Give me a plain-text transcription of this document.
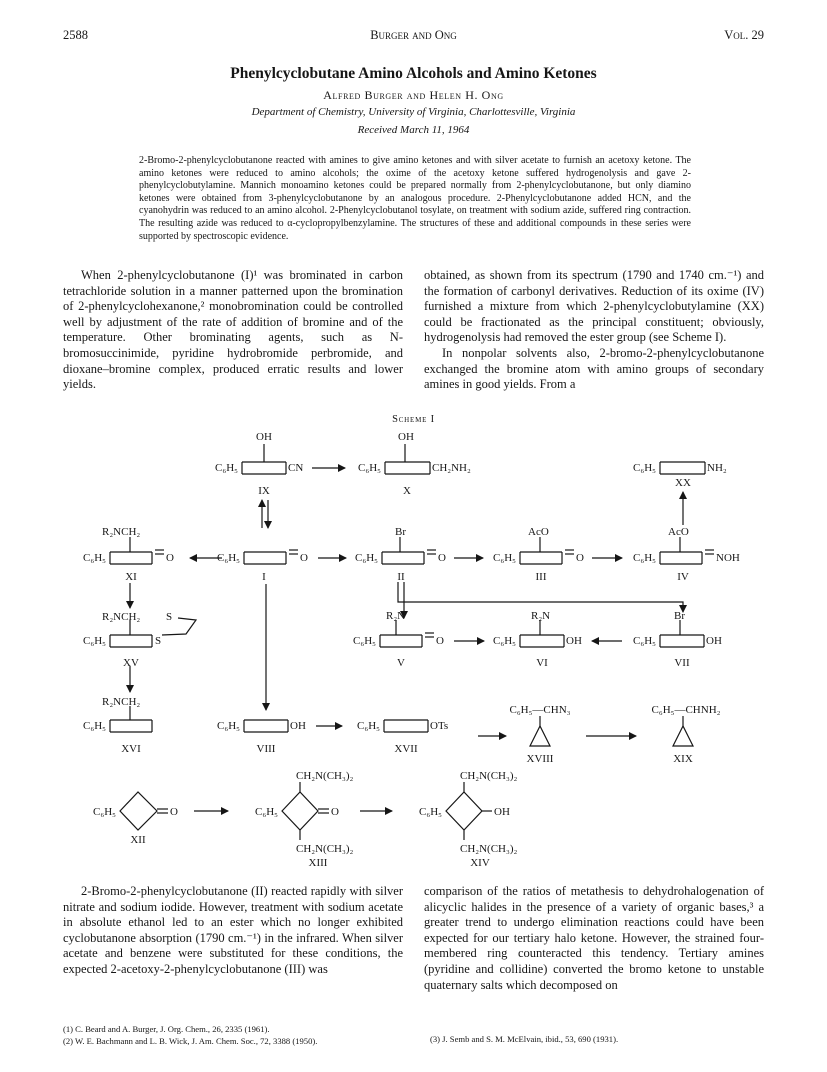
2588	Burger and Ong	Vol. 29
Phenylcyclobutane Amino Alcohols and Amino Ketones
Alfred Burger and Helen H. Ong
Department of Chemistry, University of Virginia, Charlottesville, Virginia
Received March 11, 1964
2-Bromo-2-phenylcyclobutanone reacted with amines to give amino ketones and with silver acetate to furnish an acetoxy ketone. The amino ketones were reduced to amino alcohols; the oxime of the acetoxy ketone suffered hydrogenolysis and gave 2-phenylcyclobutylamine. Mannich monoamino ketones could be prepared normally from 2-phenylcyclobutanone, but only diamino ketones were obtained from 3-phenylcyclobutanone by an analogous procedure. 2-Phenylcyclobutanone added HCN, and the cyanohydrin was reduced to an amino alcohol. 2-Phenylcyclobutanol tosylate, on treatment with sodium azide, suffered ring contraction. The resulting azide was reduced to α-cyclopropylbenzylamine. The structures of these and additional compounds in these series were supported by spectroscopic evidence.

When 2-phenylcyclobutanone (I)¹ was brominated in carbon tetrachloride solution in a manner patterned upon the bromination of 2-phenylcyclohexanone,² monobromination could be controlled well by adjustment of the rate of addition of bromine and of the temperature. Other brominating agents, such as N-bromosuccinimide, pyridine hydrobromide perbromide, and dioxane–bromine complex, produced erratic results and lower yields.

obtained, as shown from its spectrum (1790 and 1740 cm.⁻¹) and the formation of carbonyl derivatives. Reduction of its oxime (IV) furnished a mixture from which 2-phenylcyclobutylamine (XX) could be fractionated as the principal constituent; obviously, hydrogenolysis had removed the ester group (see Scheme I).

In nonpolar solvents also, 2-bromo-2-phenylcyclobutanone exchanged the bromine atom with amino groups of secondary amines in good yields. From a

Scheme I
OH
C₆H₅	CN
IX
OH
C₆H₅	CH₂NH₂
X
C₆H₅	NH₂
XX
R₂NCH₂
C₆H₅	O
XI
C₆H₅	O
I
Br
C₆H₅	O
II
AcO
C₆H₅	O
III
AcO
C₆H₅	NOH
IV
R₂NCH₂ S
C₆H₅	S
XV
R₂N
C₆H₅	O
V
R₂N
C₆H₅	OH
VI
Br
C₆H₅	OH
VII
R₂NCH₂
C₆H₅
XVI
C₆H₅	OH
VIII
C₆H₅	OTs
XVII
C₆H₅—CHN₃
XVIII
C₆H₅—CHNH₂
XIX
C₆H₅	O
XII
CH₂N(CH₃)₂
C₆H₅	O
CH₂N(CH₃)₂
XIII
CH₂N(CH₃)₂
C₆H₅	OH
CH₂N(CH₃)₂
XIV

2-Bromo-2-phenylcyclobutanone (II) reacted rapidly with silver nitrate and sodium iodide. However, treatment with sodium acetate in absolute ethanol led to an ester which no longer exhibited cyclobutanone absorption (1790 cm.⁻¹) in the infrared. When silver acetate and benzene were substituted for these conditions, the expected 2-acetoxy-2-phenylcyclobutanone (III) was

comparison of the ratios of metathesis to dehydrohalogenation of alicyclic halides in the presence of a variety of organic bases,³ a greater trend to undergo elimination reactions could have been expected for our tertiary halo ketone. However, the strained four-membered ring counteracted this tendency. Tertiary amines (pyridine and collidine) converted the bromo ketone to unstable quaternary salts which decomposed on

(1) C. Beard and A. Burger, J. Org. Chem., 26, 2335 (1961).

(2) W. E. Bachmann and L. B. Wick, J. Am. Chem. Soc., 72, 3388 (1950).	(3) J. Semb and S. M. McElvain, ibid., 53, 690 (1931).
